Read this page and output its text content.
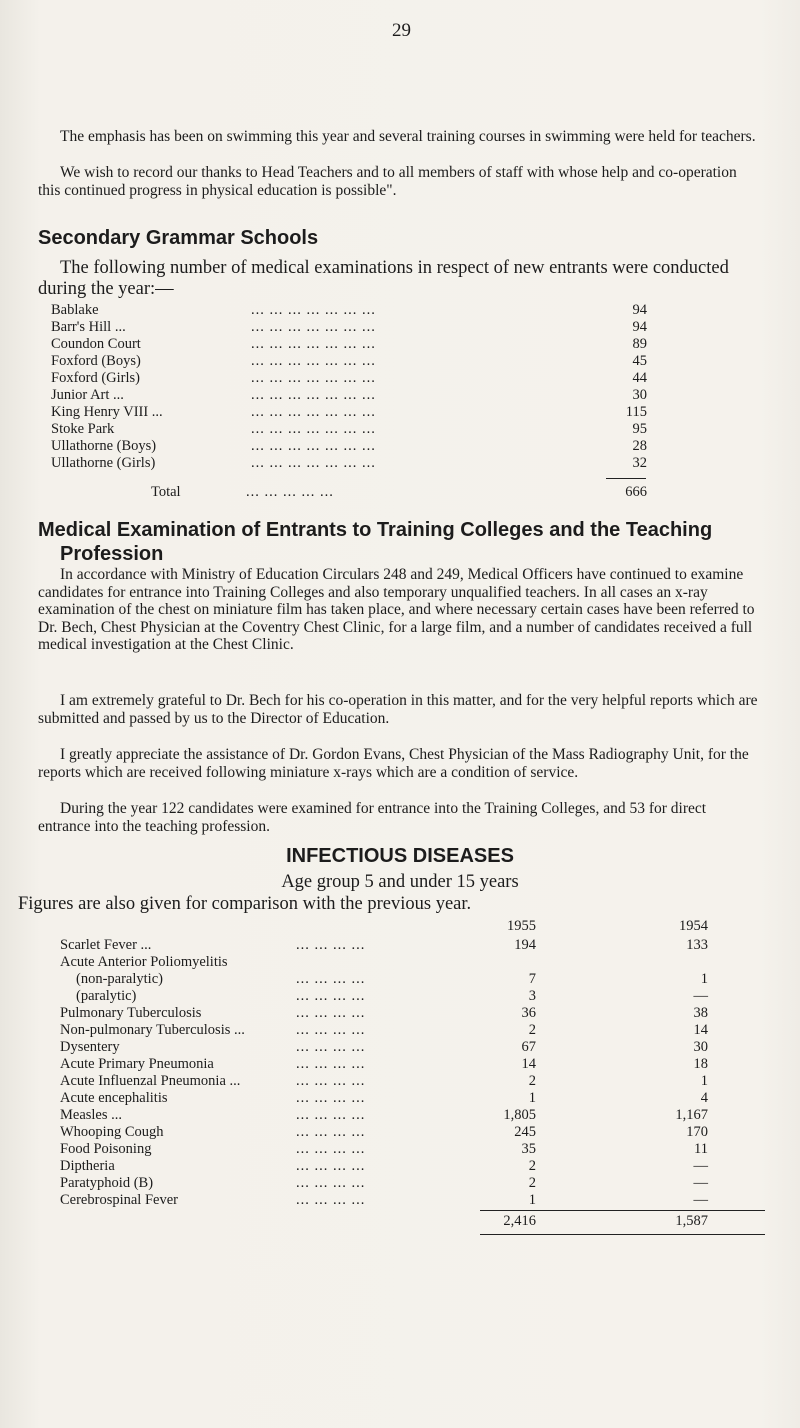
29

The emphasis has been on swimming this year and several training courses in swimming were held for teachers.

We wish to record our thanks to Head Teachers and to all members of staff with whose help and co-operation this continued progress in physical education is possible".

Secondary Grammar Schools

The following number of medical examinations in respect of new entrants were conducted during the year:—

Bablake	... ... ... ... ... ... ...	94
Barr's Hill ...	... ... ... ... ... ... ...	94
Coundon Court	... ... ... ... ... ... ...	89
Foxford (Boys)	... ... ... ... ... ... ...	45
Foxford (Girls)	... ... ... ... ... ... ...	44
Junior Art ...	... ... ... ... ... ... ...	30
King Henry VIII ...	... ... ... ... ... ... ...	115
Stoke Park	... ... ... ... ... ... ...	95
Ullathorne (Boys)	... ... ... ... ... ... ...	28
Ullathorne (Girls)	... ... ... ... ... ... ...	32
Total	... ... ... ... ...	666
Medical Examination of Entrants to Training Colleges and the Teaching
Profession

In accordance with Ministry of Education Circulars 248 and 249, Medical Officers have continued to examine candidates for entrance into Training Colleges and also temporary unqualified teachers. In all cases an x-ray examination of the chest on miniature film has taken place, and where necessary certain cases have been referred to Dr. Bech, Chest Physician at the Coventry Chest Clinic, for a large film, and a number of candidates received a full medical investigation at the Chest Clinic.

I am extremely grateful to Dr. Bech for his co-operation in this matter, and for the very helpful reports which are submitted and passed by us to the Director of Education.

I greatly appreciate the assistance of Dr. Gordon Evans, Chest Physician of the Mass Radiography Unit, for the reports which are received following miniature x-rays which are a condition of service.

During the year 122 candidates were examined for entrance into the Training Colleges, and 53 for direct entrance into the teaching profession.

INFECTIOUS DISEASES

Age group 5 and under 15 years

Figures are also given for comparison with the previous year.

1955	1954
Scarlet Fever ...	... ... ... ...	194	133
Acute Anterior Poliomyelitis
(non-paralytic)	... ... ... ...	7	1
(paralytic)	... ... ... ...	3	—
Pulmonary Tuberculosis	... ... ... ...	36	38
Non-pulmonary Tuberculosis ...	... ... ... ...	2	14
Dysentery	... ... ... ...	67	30
Acute Primary Pneumonia	... ... ... ...	14	18
Acute Influenzal Pneumonia ...	... ... ... ...	2	1
Acute encephalitis	... ... ... ...	1	4
Measles ...	... ... ... ...	1,805	1,167
Whooping Cough	... ... ... ...	245	170
Food Poisoning	... ... ... ...	35	11
Diptheria	... ... ... ...	2	—
Paratyphoid (B)	... ... ... ...	2	—
Cerebrospinal Fever	... ... ... ...	1	—
2,416	1,587
